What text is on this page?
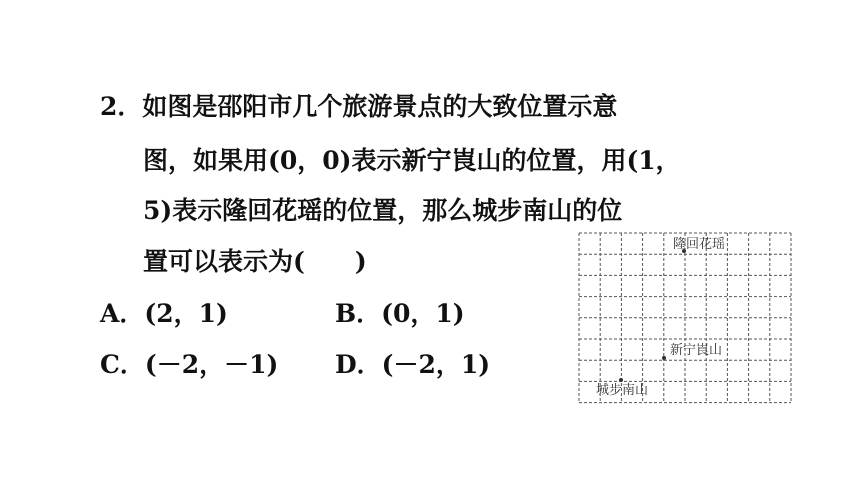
2．如图是邵阳市几个旅游景点的大致位置示意
图，如果用(0，0)表示新宁崀山的位置，用(1，
5)表示隆回花瑶的位置，那么城步南山的位
置可以表示为(　　)
A．(2，1)	B．(0，1)
C．(－2，－1) D．(－2，1)
隆回花瑶
新宁崀山
城步南山
